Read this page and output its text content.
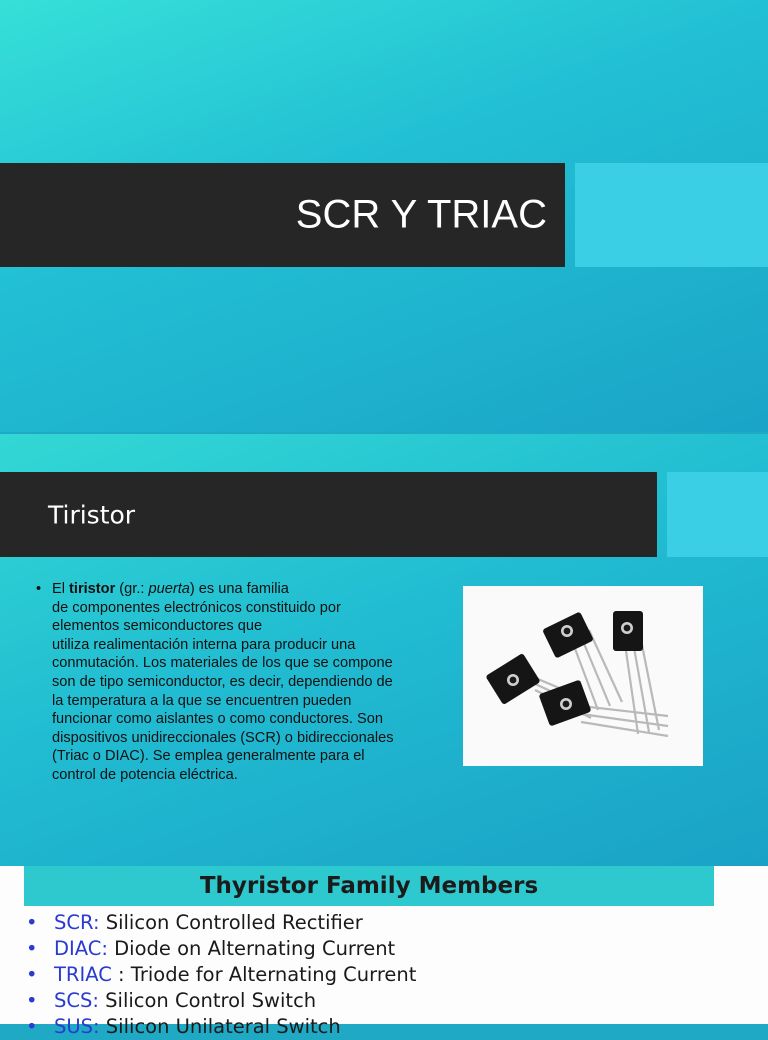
SCR Y TRIAC
Tiristor
• El tiristor (gr.: puerta) es una familia
de componentes electrónicos constituido por
elementos semiconductores que
utiliza realimentación interna para producir una
conmutación. Los materiales de los que se compone
son de tipo semiconductor, es decir, dependiendo de
la temperatura a la que se encuentren pueden
funcionar como aislantes o como conductores. Son
dispositivos unidireccionales (SCR) o bidireccionales
(Triac o DIAC). Se emplea generalmente para el
control de potencia eléctrica.
Thyristor Family Members
• SCR: Silicon Controlled Rectifier
• DIAC: Diode on Alternating Current
• TRIAC : Triode for Alternating Current
• SCS: Silicon Control Switch
• SUS: Silicon Unilateral Switch
